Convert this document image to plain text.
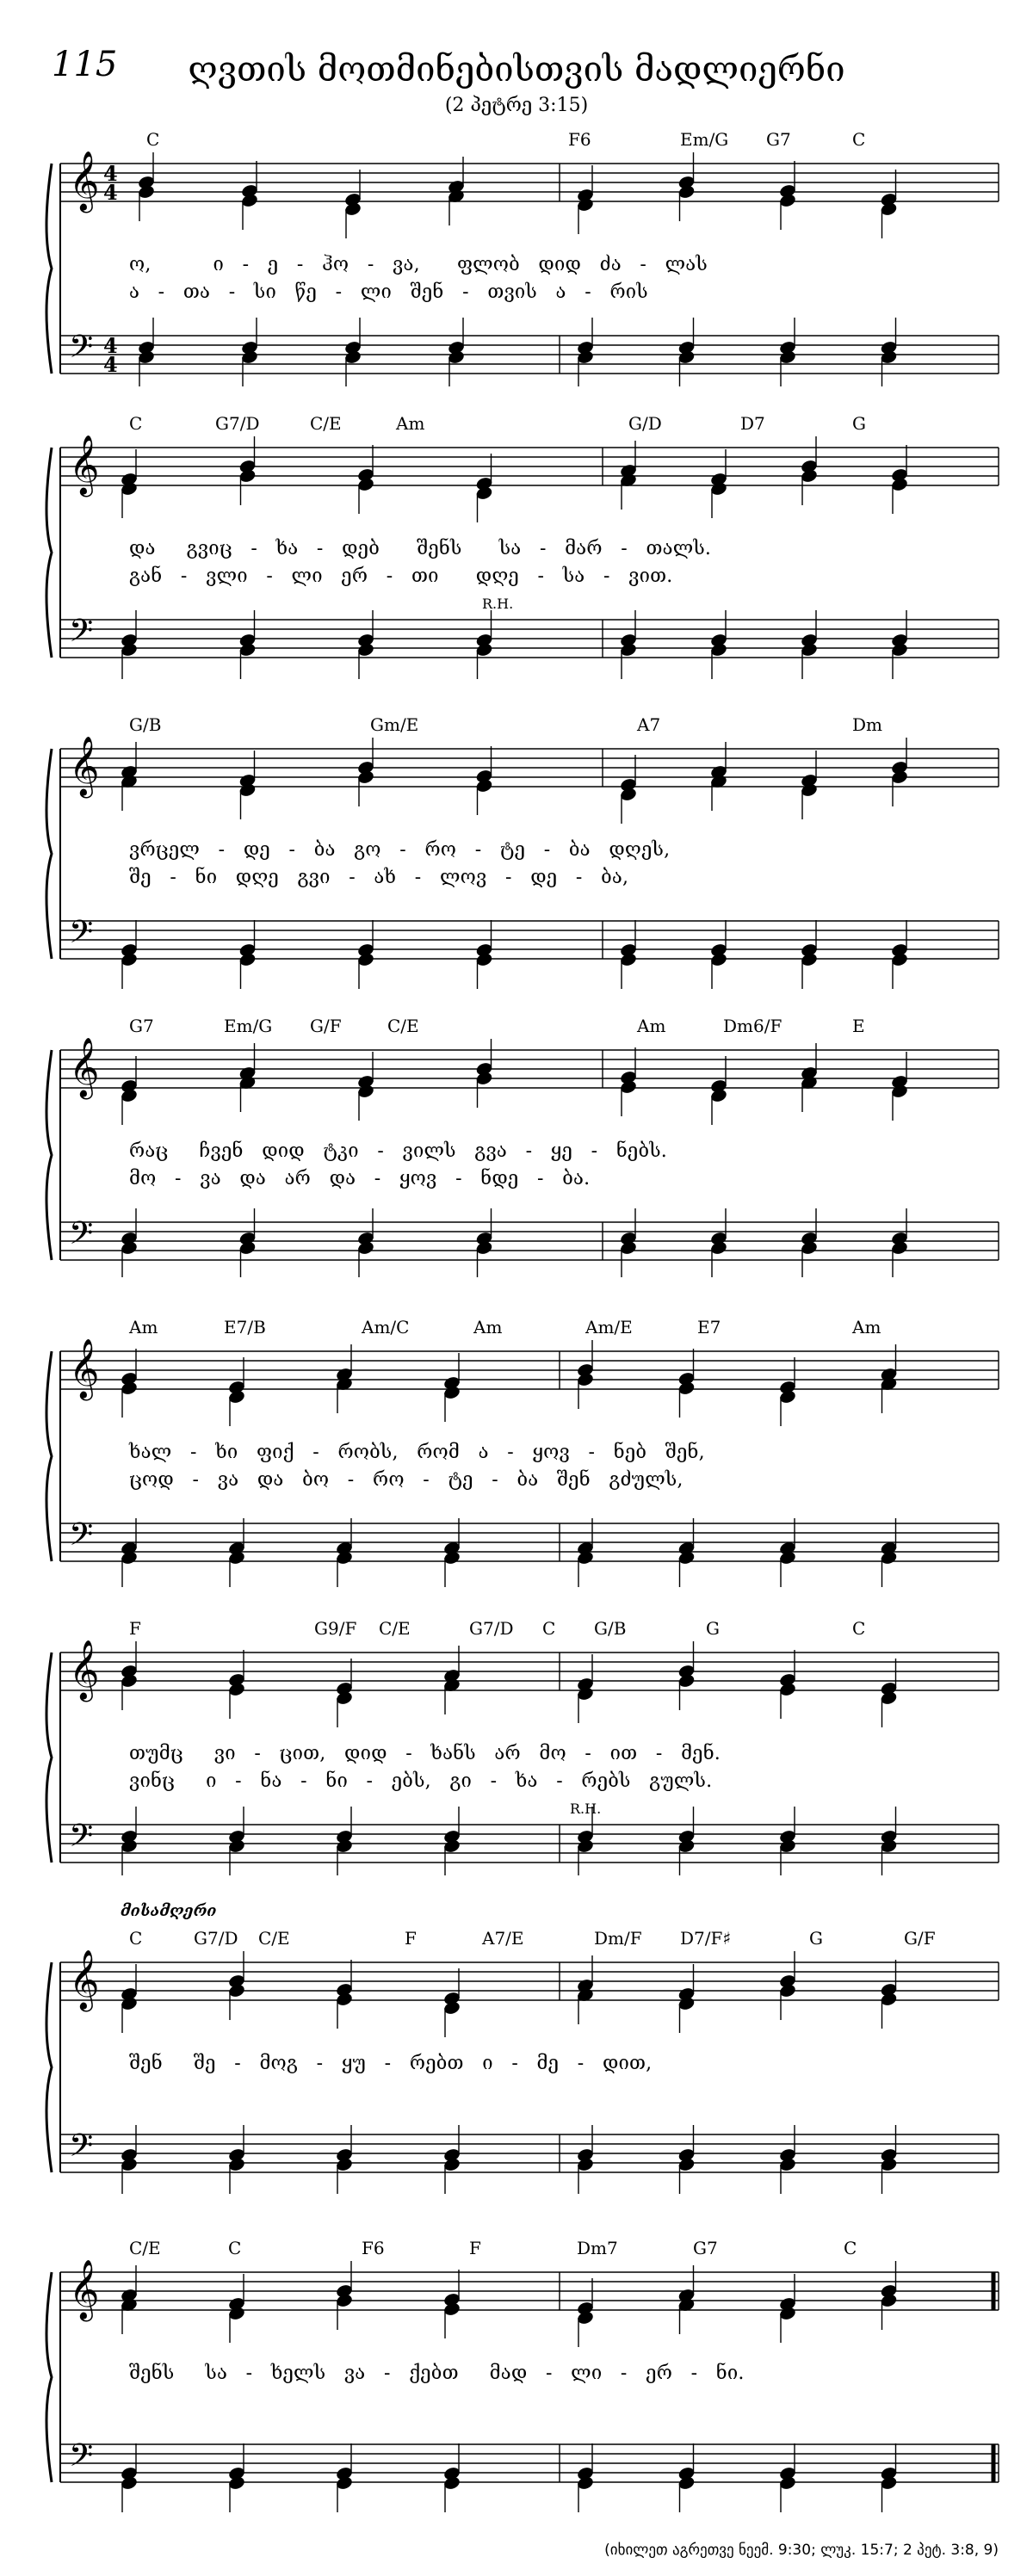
115	ღვთის მოთმინებისთვის მადლიერნი
(2 პეტრე 3:15)
C	F6	Em/G G7	C
𝄞
𝄢
4
4
4
4
ო,          ი   -   ე   -   ჰო   -   ვა,      ფლობ   დიდ   ძა   -   ლას
ა   -   თა   -   სი   წე   -   ლი   შენ   -   თვის   ა   -   რის
C	G7/D	C/E	Am	G/D	D7	G
𝄞
𝄢
და     გვიც   -   ხა   -   დებ      შენს      სა   -   მარ   -   თალს.
გან   -   ვლი   -   ლი   ერ   -   თი      დღე   -   სა   -   ვით.
R.H.
G/B	Gm/E	A7	Dm
𝄞
𝄢
ვრცელ   -   დე   -   ბა   გო   -   რო   -   ტე   -   ბა   დღეს,
შე   -   ნი   დღე   გვი   -   ახ   -   ლოვ   -   დე   -   ბა,
G7	Em/G G/F	C/E	Am	Dm6/F	E
𝄞
𝄢
რაც     ჩვენ   დიდ   ტკი   -   ვილს   გვა   -   ყე   -   ნებს.
მო   -   ვა   და   არ   და   -   ყოვ   -   ნდე   -   ბა.
Am	E7/B	Am/C	Am	Am/E	E7	Am
𝄞
𝄢
ხალ   -   ხი   ფიქ   -   რობს,   რომ   ა   -   ყოვ   -   ნებ   შენ,
ცოდ   -   ვა   და   ბო   -   რო   -   ტე   -   ბა   შენ   გძულს,
F	G9/F C/E	G7/D C G/B	G	C
𝄞
𝄢
თუმც     ვი   -   ცით,   დიდ   -   ხანს   არ   მო   -   ით   -   მენ.
ვინც     ი   -   ნა   -   ნი   -   ებს,   გი   -   ხა   -   რებს   გულს.
R.H.
C	G7/D C/E	F	A7/E	Dm/F D7/F♯	G	G/F
𝄞
𝄢
შენ     შე   -   მოგ   -   ყუ   -   რებთ   ი   -   მე   -   დით,
მისამღერი
C/E	C	F6	F	Dm7	G7	C
𝄞
𝄢
შენს     სა   -   ხელს   ვა   -   ქებთ     მად   -   ლი   -   ერ   -   ნი.
(იხილეთ აგრეთვე ნეემ. 9:30; ლუკ. 15:7; 2 პეტ. 3:8, 9)
